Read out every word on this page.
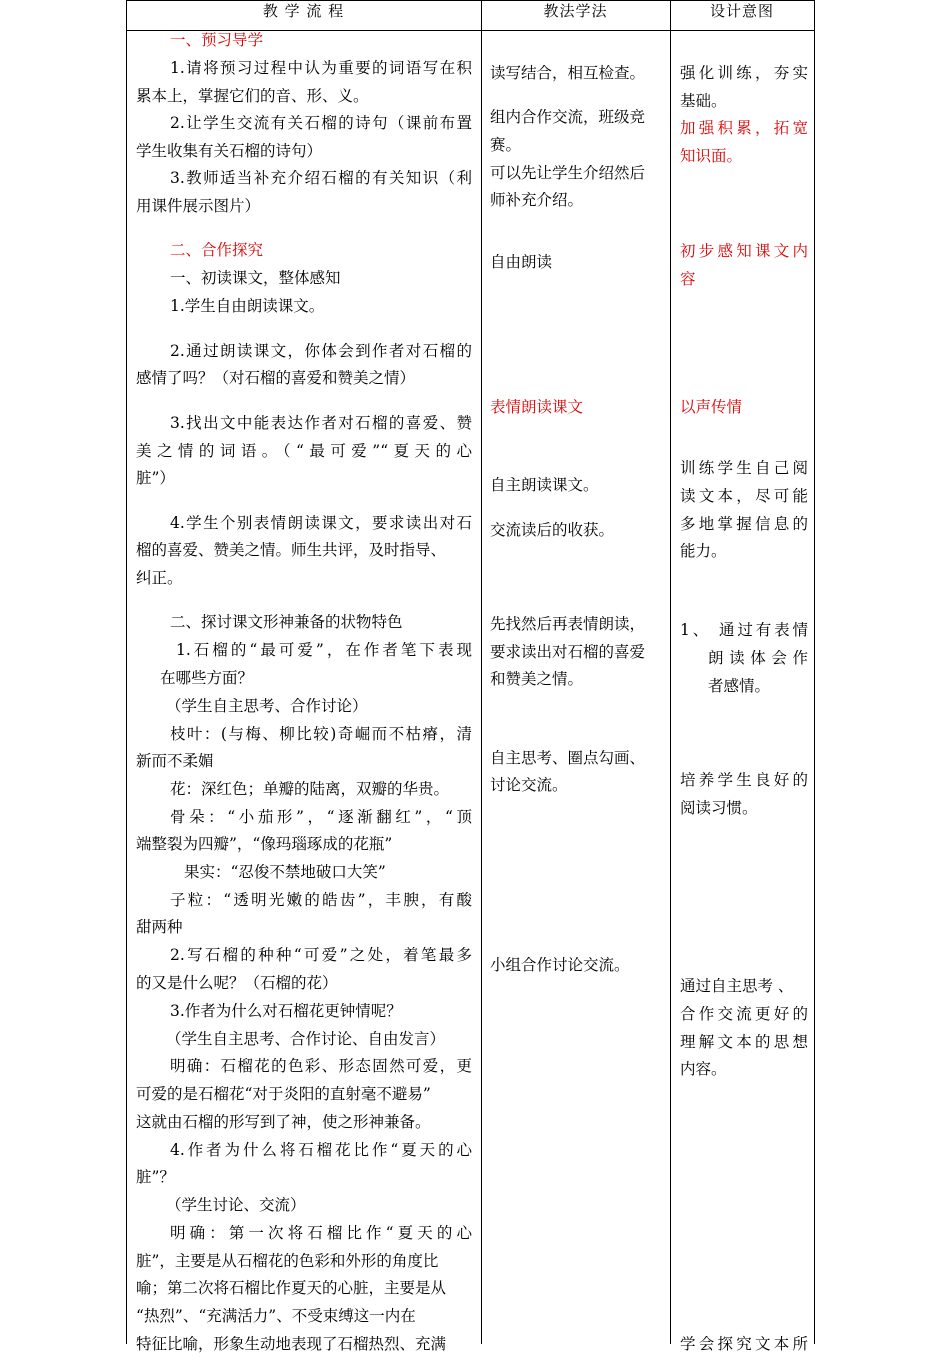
教 学 流 程	教法学法	设计意图
一、预习导学
1.请将预习过程中认为重要的词语写在积
累本上，掌握它们的音、形、义。
2.让学生交流有关石榴的诗句（课前布置
学生收集有关石榴的诗句）
3.教师适当补充介绍石榴的有关知识（利
用课件展示图片）
二、合作探究
一、初读课文，整体感知
1.学生自由朗读课文。
2.通过朗读课文，你体会到作者对石榴的
感情了吗？（对石榴的喜爱和赞美之情）
3.找出文中能表达作者对石榴的喜爱、赞
美之情的词语。（“最可爱”“夏天的心
脏”）
4.学生个别表情朗读课文，要求读出对石
榴的喜爱、赞美之情。师生共评，及时指导、
纠正。
二、探讨课文形神兼备的状物特色
1.石榴的“最可爱”，在作者笔下表现
在哪些方面？
（学生自主思考、合作讨论）
枝叶：(与梅、柳比较)奇崛而不枯瘠，清
新而不柔媚
花：深红色；单瓣的陆离，双瓣的华贵。
骨朵：“小茄形”，“逐渐翻红”，“顶
端整裂为四瓣”，“像玛瑙琢成的花瓶”
果实：“忍俊不禁地破口大笑”
子粒：“透明光嫩的皓齿”，丰腴，有酸
甜两种
2.写石榴的种种“可爱”之处，着笔最多
的又是什么呢？（石榴的花）
3.作者为什么对石榴花更钟情呢？
（学生自主思考、合作讨论、自由发言）
明确：石榴花的色彩、形态固然可爱，更
可爱的是石榴花“对于炎阳的直射毫不避易”
这就由石榴的形写到了神，使之形神兼备。
4.作者为什么将石榴花比作“夏天的心
脏”？
（学生讨论、交流）
明确：第一次将石榴比作“夏天的心
脏”，主要是从石榴花的色彩和外形的角度比
喻；第二次将石榴比作夏天的心脏，主要是从
“热烈”、“充满活力”、不受束缚这一内在
特征比喻，形象生动地表现了石榴热烈、充满
读写结合，相互检查。
组内合作交流，班级竞
赛。
可以先让学生介绍然后
师补充介绍。
自由朗读
表情朗读课文
自主朗读课文。
交流读后的收获。
先找然后再表情朗读，
要求读出对石榴的喜爱
和赞美之情。
自主思考、圈点勾画、
讨论交流。
小组合作讨论交流。
强化训练，夯实
基础。
加强积累，拓宽
知识面。
初步感知课文内
容
以声传情
训练学生自己阅
读文本，尽可能
多地掌握信息的
能力。
1、 通过有表情
朗读体会作
者感情。
培养学生良好的
阅读习惯。
通过自主思考 、
合作交流更好的
理解文本的思想
内容。
学会探究文本所
